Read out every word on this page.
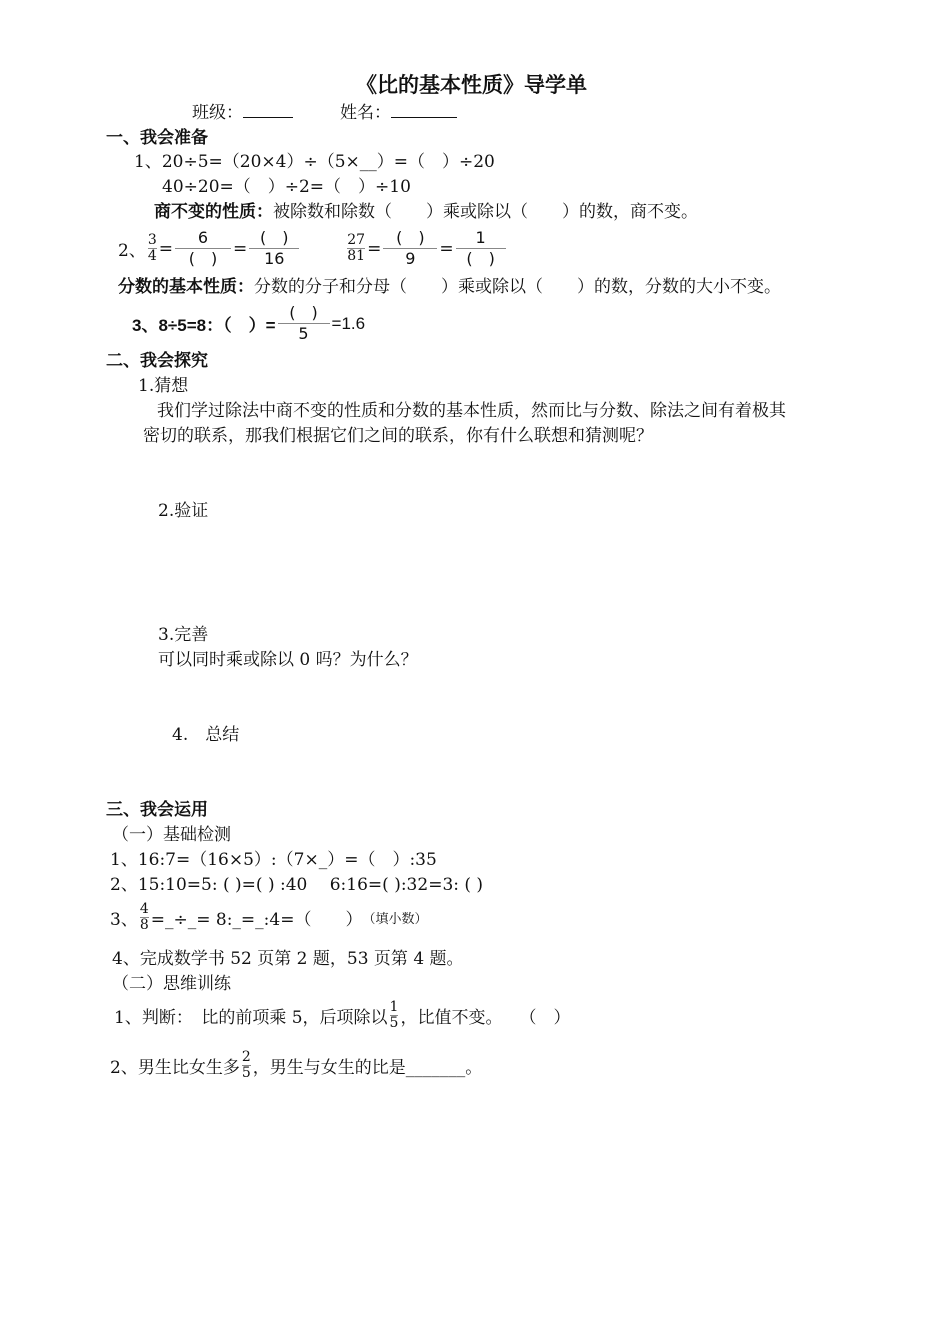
《比的基本性质》导学单
班级：	姓名：
一、我会准备
1、20÷5=（20×4）÷（5×__）=（　）÷20
40÷20=（　）÷2=（　）÷10
商不变的性质：被除数和除数（　　）乘或除以（　　）的数，商不变。
2、 $\frac{3}{4} = \frac{6}{( )} = \frac{( )}{16}$	$\frac{27}{81} = \frac{( )}{9} = \frac{1}{( )}$
分数的基本性质：分数的分子和分母（　　）乘或除以（　　）的数，分数的大小不变。
3、8÷5=8：（　）= $\frac{( )}{5} =1.6$
二、我会探究
1.猜想
我们学过除法中商不变的性质和分数的基本性质，然而比与分数、除法之间有着极其
密切的联系，那我们根据它们之间的联系，你有什么联想和猜测呢？
2.验证
3.完善
可以同时乘或除以 0 吗？为什么？
4.　总结
三、我会运用
（一）基础检测
1、16:7=（16×5）:（7×_）=（　）:35
2、15:10=5: ( )=( ) :40　 6:16=( ):32=3: ( )
3、 $\frac{4}{8}$ =_÷_= 8:_=_:4=（　　） （填小数）
4、完成数学书 52 页第 2 题，53 页第 4 题。
（二）思维训练
1、判断：　比的前项乘 5，后项除以 $\frac{1}{5}$ ，比值不变。　　（　）
2、男生比女生多 $\frac{2}{5}$ ，男生与女生的比是_______。
